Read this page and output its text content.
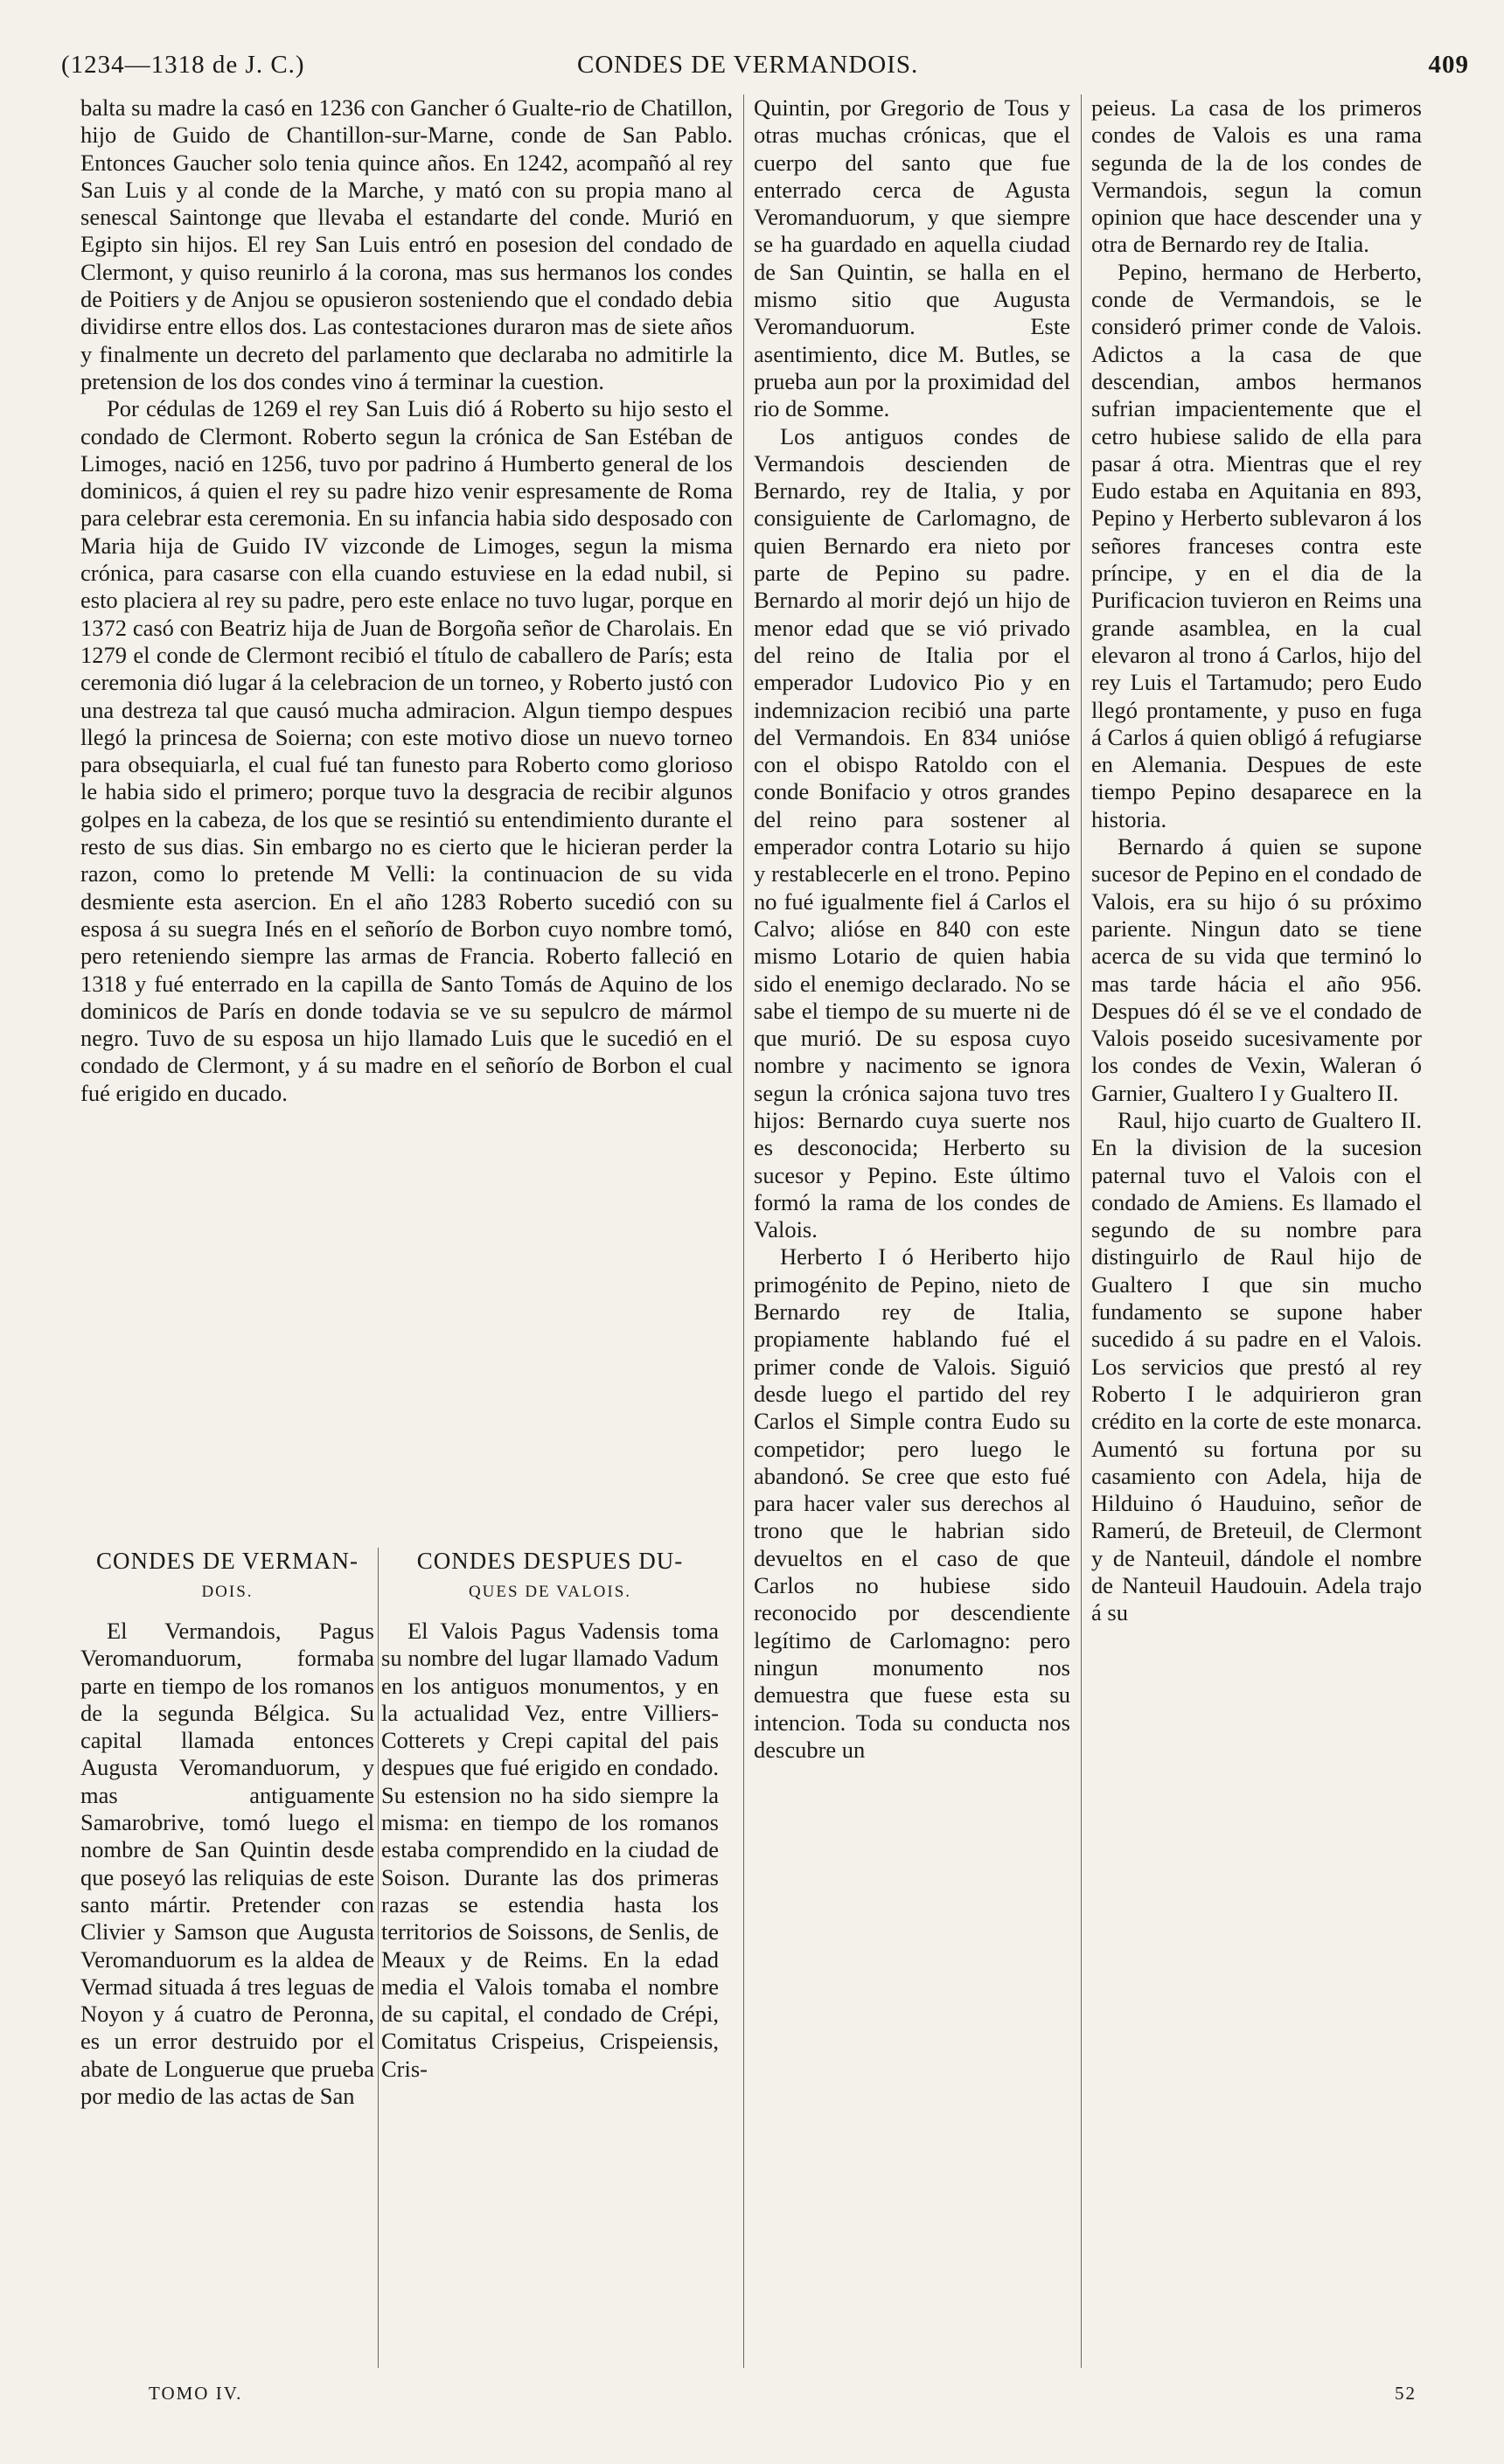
(1234—1318 de J. C.)	CONDES DE VERMANDOIS.	409

balta su madre la casó en 1236 con Gancher ó Gualte-rio de Chatillon, hijo de Guido de Chantillon-sur-Marne, conde de San Pablo. Entonces Gaucher solo tenia quince años. En 1242, acompañó al rey San Luis y al conde de la Marche, y mató con su propia mano al senescal Saintonge que llevaba el estandarte del conde. Murió en Egipto sin hijos. El rey San Luis entró en posesion del condado de Clermont, y quiso reunirlo á la corona, mas sus hermanos los condes de Poitiers y de Anjou se opusieron sosteniendo que el condado debia dividirse entre ellos dos. Las contestaciones duraron mas de siete años y finalmente un decreto del parlamento que declaraba no admitirle la pretension de los dos condes vino á terminar la cuestion.

Por cédulas de 1269 el rey San Luis dió á Roberto su hijo sesto el condado de Clermont. Roberto segun la crónica de San Estéban de Limoges, nació en 1256, tuvo por padrino á Humberto general de los dominicos, á quien el rey su padre hizo venir espresamente de Roma para celebrar esta ceremonia. En su infancia habia sido desposado con Maria hija de Guido IV vizconde de Limoges, segun la misma crónica, para casarse con ella cuando estuviese en la edad nubil, si esto placiera al rey su padre, pero este enlace no tuvo lugar, porque en 1372 casó con Beatriz hija de Juan de Borgoña señor de Charolais. En 1279 el conde de Clermont recibió el título de caballero de París; esta ceremonia dió lugar á la celebracion de un torneo, y Roberto justó con una destreza tal que causó mucha admiracion. Algun tiempo despues llegó la princesa de Soierna; con este motivo diose un nuevo torneo para obsequiarla, el cual fué tan funesto para Roberto como glorioso le habia sido el primero; porque tuvo la desgracia de recibir algunos golpes en la cabeza, de los que se resintió su entendimiento durante el resto de sus dias. Sin embargo no es cierto que le hicieran perder la razon, como lo pretende M Velli: la continuacion de su vida desmiente esta asercion. En el año 1283 Roberto sucedió con su esposa á su suegra Inés en el señorío de Borbon cuyo nombre tomó, pero reteniendo siempre las armas de Francia. Roberto falleció en 1318 y fué enterrado en la capilla de Santo Tomás de Aquino de los dominicos de París en donde todavia se ve su sepulcro de mármol negro. Tuvo de su esposa un hijo llamado Luis que le sucedió en el condado de Clermont, y á su madre en el señorío de Borbon el cual fué erigido en ducado.

CONDES DE VERMAN-
DOIS.

El Vermandois, Pagus Veromanduorum, formaba parte en tiempo de los romanos de la segunda Bélgica. Su capital llamada entonces Augusta Veromanduorum, y mas antiguamente Samarobrive, tomó luego el nombre de San Quintin desde que poseyó las reliquias de este santo mártir. Pretender con Clivier y Samson que Augusta Veromanduorum es la aldea de Vermad situada á tres leguas de Noyon y á cuatro de Peronna, es un error destruido por el abate de Longuerue que prueba por medio de las actas de San

CONDES DESPUES DU-
QUES DE VALOIS.

El Valois Pagus Vadensis toma su nombre del lugar llamado Vadum en los antiguos monumentos, y en la actualidad Vez, entre Villiers-Cotterets y Crepi capital del pais despues que fué erigido en condado. Su estension no ha sido siempre la misma: en tiempo de los romanos estaba comprendido en la ciudad de Soison. Durante las dos primeras razas se estendia hasta los territorios de Soissons, de Senlis, de Meaux y de Reims. En la edad media el Valois tomaba el nombre de su capital, el condado de Crépi, Comitatus Crispeius, Crispeiensis, Cris-

Quintin, por Gregorio de Tous y otras muchas crónicas, que el cuerpo del santo que fue enterrado cerca de Agusta Veromanduorum, y que siempre se ha guardado en aquella ciudad de San Quintin, se halla en el mismo sitio que Augusta Veromanduorum. Este asentimiento, dice M. Butles, se prueba aun por la proximidad del rio de Somme.

Los antiguos condes de Vermandois descienden de Bernardo, rey de Italia, y por consiguiente de Carlomagno, de quien Bernardo era nieto por parte de Pepino su padre. Bernardo al morir dejó un hijo de menor edad que se vió privado del reino de Italia por el emperador Ludovico Pio y en indemnizacion recibió una parte del Vermandois. En 834 unióse con el obispo Ratoldo con el conde Bonifacio y otros grandes del reino para sostener al emperador contra Lotario su hijo y restablecerle en el trono. Pepino no fué igualmente fiel á Carlos el Calvo; alióse en 840 con este mismo Lotario de quien habia sido el enemigo declarado. No se sabe el tiempo de su muerte ni de que murió. De su esposa cuyo nombre y nacimento se ignora segun la crónica sajona tuvo tres hijos: Bernardo cuya suerte nos es desconocida; Herberto su sucesor y Pepino. Este último formó la rama de los condes de Valois.

Herberto I ó Heriberto hijo primogénito de Pepino, nieto de Bernardo rey de Italia, propiamente hablando fué el primer conde de Valois. Siguió desde luego el partido del rey Carlos el Simple contra Eudo su competidor; pero luego le abandonó. Se cree que esto fué para hacer valer sus derechos al trono que le habrian sido devueltos en el caso de que Carlos no hubiese sido reconocido por descendiente legítimo de Carlomagno: pero ningun monumento nos demuestra que fuese esta su intencion. Toda su conducta nos descubre un

peieus. La casa de los primeros condes de Valois es una rama segunda de la de los condes de Vermandois, segun la comun opinion que hace descender una y otra de Bernardo rey de Italia.

Pepino, hermano de Herberto, conde de Vermandois, se le consideró primer conde de Valois. Adictos a la casa de que descendian, ambos hermanos sufrian impacientemente que el cetro hubiese salido de ella para pasar á otra. Mientras que el rey Eudo estaba en Aquitania en 893, Pepino y Herberto sublevaron á los señores franceses contra este príncipe, y en el dia de la Purificacion tuvieron en Reims una grande asamblea, en la cual elevaron al trono á Carlos, hijo del rey Luis el Tartamudo; pero Eudo llegó prontamente, y puso en fuga á Carlos á quien obligó á refugiarse en Alemania. Despues de este tiempo Pepino desaparece en la historia.

Bernardo á quien se supone sucesor de Pepino en el condado de Valois, era su hijo ó su próximo pariente. Ningun dato se tiene acerca de su vida que terminó lo mas tarde hácia el año 956. Despues dó él se ve el condado de Valois poseido sucesivamente por los condes de Vexin, Waleran ó Garnier, Gualtero I y Gualtero II.

Raul, hijo cuarto de Gualtero II. En la division de la sucesion paternal tuvo el Valois con el condado de Amiens. Es llamado el segundo de su nombre para distinguirlo de Raul hijo de Gualtero I que sin mucho fundamento se supone haber sucedido á su padre en el Valois. Los servicios que prestó al rey Roberto I le adquirieron gran crédito en la corte de este monarca. Aumentó su fortuna por su casamiento con Adela, hija de Hilduino ó Hauduino, señor de Ramerú, de Breteuil, de Clermont y de Nanteuil, dándole el nombre de Nanteuil Haudouin. Adela trajo á su

TOMO IV.	52
